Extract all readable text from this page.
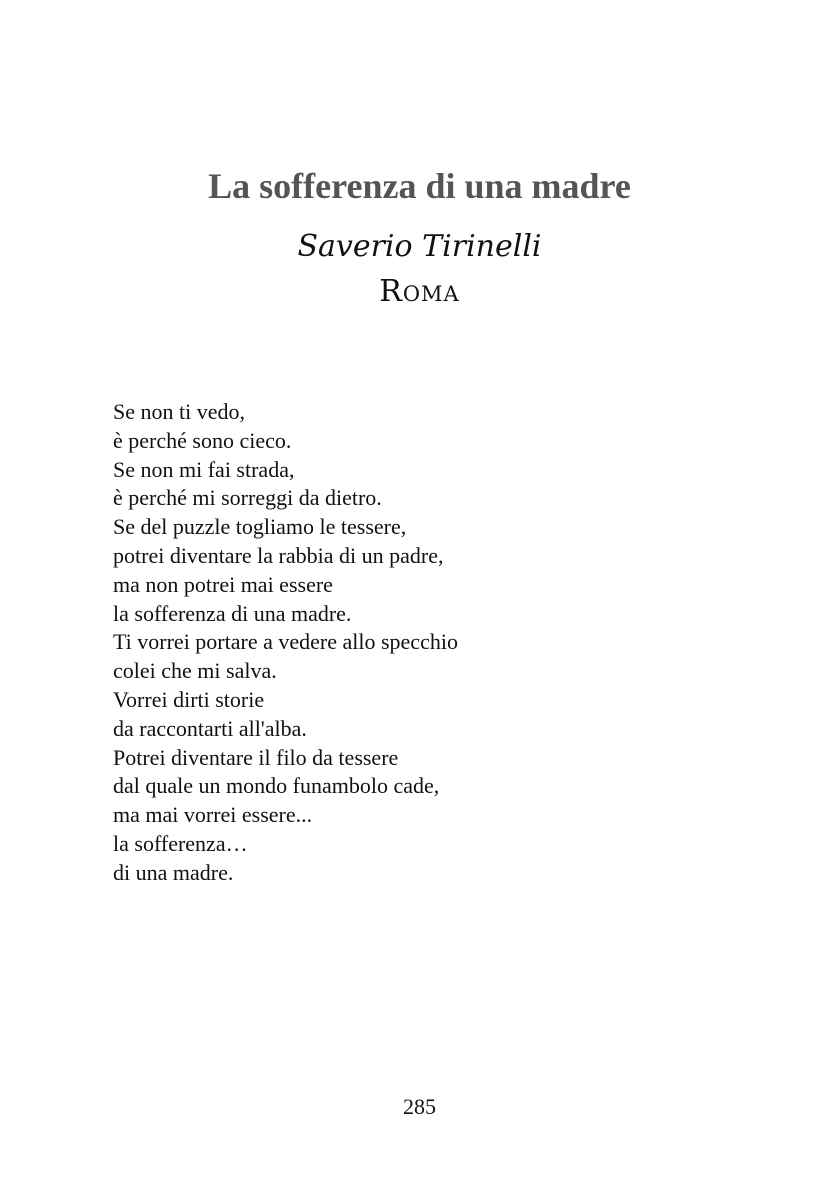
La sofferenza di una madre
Saverio Tirinelli
Roma
Se non ti vedo,
è perché sono cieco.
Se non mi fai strada,
è perché mi sorreggi da dietro.
Se del puzzle togliamo le tessere,
potrei diventare la rabbia di un padre,
ma non potrei mai essere
la sofferenza di una madre.
Ti vorrei portare a vedere allo specchio
colei che mi salva.
Vorrei dirti storie
da raccontarti all'alba.
Potrei diventare il filo da tessere
dal quale un mondo funambolo cade,
ma mai vorrei essere...
la sofferenza…
di una madre.
285
